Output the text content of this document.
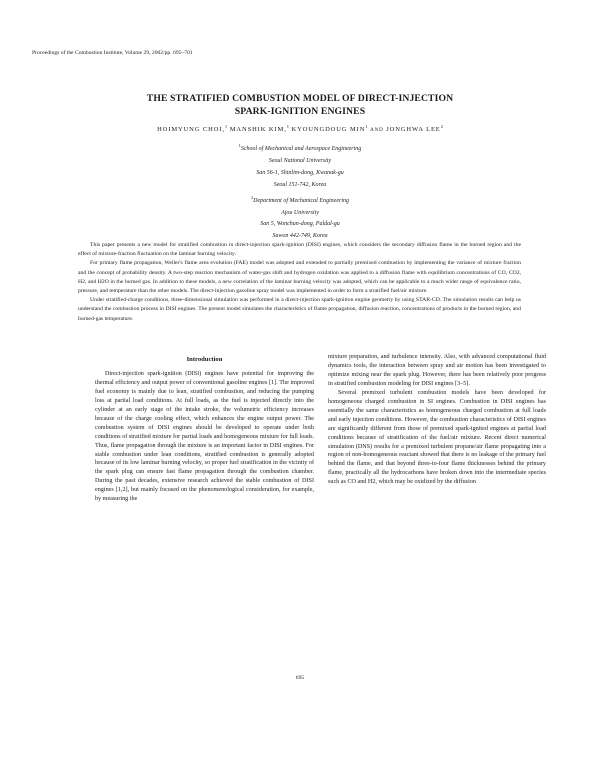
Proceedings of the Combustion Institute, Volume 29, 2002/pp. 695–701
THE STRATIFIED COMBUSTION MODEL OF DIRECT-INJECTION
SPARK-IGNITION ENGINES
HOIMYUNG CHOI,$^1$ MANSHIK KIM,$^1$ KYOUNGDOUG MIN$^1$ AND JONGHWA LEE$^2$
$^1$School of Mechanical and Aerospace Engineering
Seoul National University
San 56-1, Shinlim-dong, Kwanak-gu
Seoul 151-742, Korea
$^2$Department of Mechanical Engineering
Ajou University
San 5, Wonchun-dong, Paldal-gu
Suwon 442-749, Korea

This paper presents a new model for stratified combustion in direct-injection spark-ignition (DISI) engines, which considers the secondary diffusion flame in the burned region and the effect of mixture-fraction fluctuation on the laminar burning velocity.

For primary flame propagation, Weller's flame area evolution (FAE) model was adopted and extended to partially premixed combustion by implementing the variance of mixture fraction and the concept of probability density. A two-step reaction mechanism of water-gas shift and hydrogen oxidation was applied to a diffusion flame with equilibrium concentrations of CO, CO2, H2, and H2O in the burned gas. In addition to these models, a new correlation of the laminar burning velocity was adopted, which can be applicable to a much wider range of equivalence ratio, pressure, and temperature than the other models. The direct-injection gasoline spray model was implemented in order to form a stratified fuel/air mixture.

Under stratified-charge conditions, three-dimensional simulation was performed in a direct-injection spark-ignition engine geometry by using STAR-CD. The simulation results can help us understand the combustion process in DISI engines. The present model simulates the characteristics of flame propagation, diffusion reaction, concentrations of products in the burned region, and burned-gas temperature.

Introduction

Direct-injection spark-ignition (DISI) engines have potential for improving the thermal efficiency and output power of conventional gasoline engines [1]. The improved fuel economy is mainly due to lean, stratified combustion, and reducing the pumping loss at partial load conditions. At full loads, as the fuel is injected directly into the cylinder at an early stage of the intake stroke, the volumetric efficiency increases because of the charge cooling effect, which enhances the engine output power. The combustion system of DISI engines should be developed to operate under both conditions of stratified mixture for partial loads and homogeneous mixture for full loads. Thus, flame propagation through the mixture is an important factor in DISI engines. For stable combustion under lean conditions, stratified combustion is generally adopted because of its low laminar burning velocity, so proper fuel stratification in the vicinity of the spark plug can ensure fast flame propagation through the combustion chamber. During the past decades, extensive research achieved the stable combustion of DISI engines [1,2], but mainly focused on the phenomenological consideration, for example, by measuring the

mixture preparation, and turbulence intensity. Also, with advanced computational fluid dynamics tools, the interaction between spray and air motion has been investigated to optimize mixing near the spark plug. However, there has been relatively poor progress in stratified combustion modeling for DISI engines [3–5].

Several premixed turbulent combustion models have been developed for homogeneous charged combustion in SI engines. Combustion in DISI engines has essentially the same characteristics as homogeneous charged combustion at full loads and early injection conditions. However, the combustion characteristics of DISI engines are significantly different from those of premixed spark-ignited engines at partial load conditions because of stratification of the fuel/air mixture. Recent direct numerical simulation (DNS) results for a premixed turbulent propane/air flame propagating into a region of non-homogeneous reactant showed that there is no leakage of the primary fuel behind the flame, and that beyond three-to-four flame thicknesses behind the primary flame, practically all the hydrocarbons have broken down into the intermediate species such as CO and H2, which may be oxidized by the diffusion

695
